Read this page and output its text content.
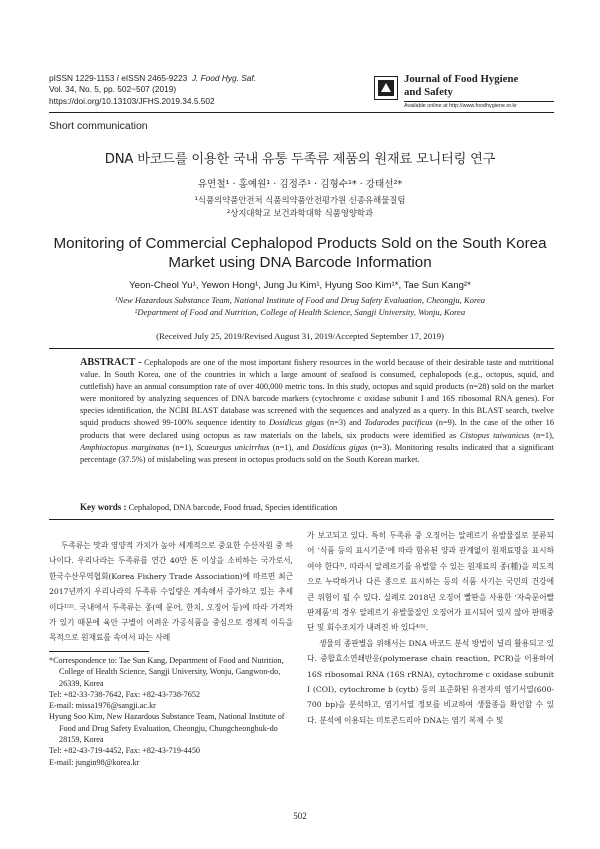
pISSN 1229-1153 / eISSN 2465-9223 J. Food Hyg. Saf.
Vol. 34, No. 5, pp. 502~507 (2019)
https://doi.org/10.13103/JFHS.2019.34.5.502
Journal of Food Hygiene
and Safety
Available online at http://www.foodhygiene.or.kr
Short communication
DNA 바코드를 이용한 국내 유통 두족류 제품의 원재료 모니터링 연구
유연철¹ · 홍예원¹ · 김정주¹ · 김형수¹* · 강태선²*
¹식품의약품안전처 식품의약품안전평가원 신종유해물질팀
²상지대학교 보건과학대학 식품영양학과
Monitoring of Commercial Cephalopod Products Sold on the South Korea
Market using DNA Barcode Information
Yeon-Cheol Yu¹, Yewon Hong¹, Jung Ju Kim¹, Hyung Soo Kim¹*, Tae Sun Kang²*
¹New Hazardous Substance Team, National Institute of Food and Drug Safety Evaluation, Cheongju, Korea
²Department of Food and Nutrition, College of Health Science, Sangji University, Wonju, Korea
(Received July 25, 2019/Revised August 31, 2019/Accepted September 17, 2019)
ABSTRACT - Cephalopods are one of the most important fishery resources in the world because of their desirable taste and nutritional value. In South Korea, one of the countries in which a large amount of seafood is consumed, cephalopods (e.g., octopus, squid, and cuttlefish) have an annual consumption rate of over 400,000 metric tons. In this study, octopus and squid products (n=28) sold on the market were monitored by analyzing sequences of DNA barcode markers (cytochrome c oxidase subunit I and 16S ribosomal RNA genes). For species identification, the NCBI BLAST database was screened with the sequences and analyzed as a query. In this BLAST search, twelve squid products showed 99-100% sequence identity to Dosidicus gigas (n=3) and Todarodes pacificus (n=9). In the case of the other 16 products that were declared using octopus as raw materials on the labels, six products were identified as Cistopus taiwanicus (n=1), Amphioctopus marginatus (n=1), Scaeurgus unicirrhus (n=1), and Dosidicus gigas (n=3). Monitoring results indicated that a significant percentage (37.5%) of mislabeling was present in octopus products sold on the South Korean market.
Key words : Cephalopod, DNA barcode, Food fruad, Species identification

두족류는 맛과 영양적 가치가 높아 세계적으로 중요한 수산자원 중 하나이다. 우리나라는 두족류를 연간 40만 톤 이상을 소비하는 국가로서, 한국수산무역협회(Korea Fishery Trade Association)에 따르면 최근 2017년까지 우리나라의 두족류 수입량은 계속해서 증가하고 있는 추세이다¹⁾²⁾. 국내에서 두족류는 종(예 문어, 한치, 오징어 등)에 따라 가격차가 있기 때문에 육안 구별이 어려운 가공식품을 중심으로 경제적 이득을 목적으로 원재료를 속여서 파는 사례

가 보고되고 있다. 특히 두족류 중 오징어는 알레르기 유발물질로 분류되어 ‘식품 등의 표시기준’에 따라 함유된 양과 관계없이 원재료명을 표시하여야 한다³⁾. 따라서 알레르기를 유발할 수 있는 원재료의 종(種)을 의도적으로 누락하거나 다른 종으로 표시하는 등의 식품 사기는 국민의 건강에 큰 위험이 될 수 있다. 실례로 2018년 오징어 빨판을 사용한 ‘자숙문어빨판제품’의 경우 알레르기 유발물질인 오징어가 표시되어 있지 않아 판매중단 및 회수조치가 내려진 바 있다⁴⁾⁵⁾.

생물의 종판별을 위해서는 DNA 바코드 분석 방법이 널리 활용되고 있다. 중합효소연쇄반응(polymerase chain reaction, PCR)을 이용하여 16S ribosomal RNA (16S rRNA), cytochrome c oxidase subunit I (COI), cytochrome b (cytb) 등의 표준화된 유전자의 염기서열(600-700 bp)을 분석하고, 염기서열 정보를 비교하여 생물종을 확인할 수 있다. 분석에 이용되는 미토콘드리아 DNA는 염기 복제 수 및

*Correspondence to: Tae Sun Kang, Department of Food and Nutrition, College of Health Science, Sangji University, Wonju, Gangwon-do, 26339, Korea

Tel: +82-33-738-7642, Fax: +82-43-738-7652

E-mail: missa1976@sangji.ac.kr

Hyung Soo Kim, New Hazardous Substance Team, National Institute of Food and Drug Safety Evaluation, Cheongju, Chungcheongbuk-do 28159, Korea

Tel: +82-43-719-4452, Fax: +82-43-719-4450

E-mail: jungin98@korea.kr

502
